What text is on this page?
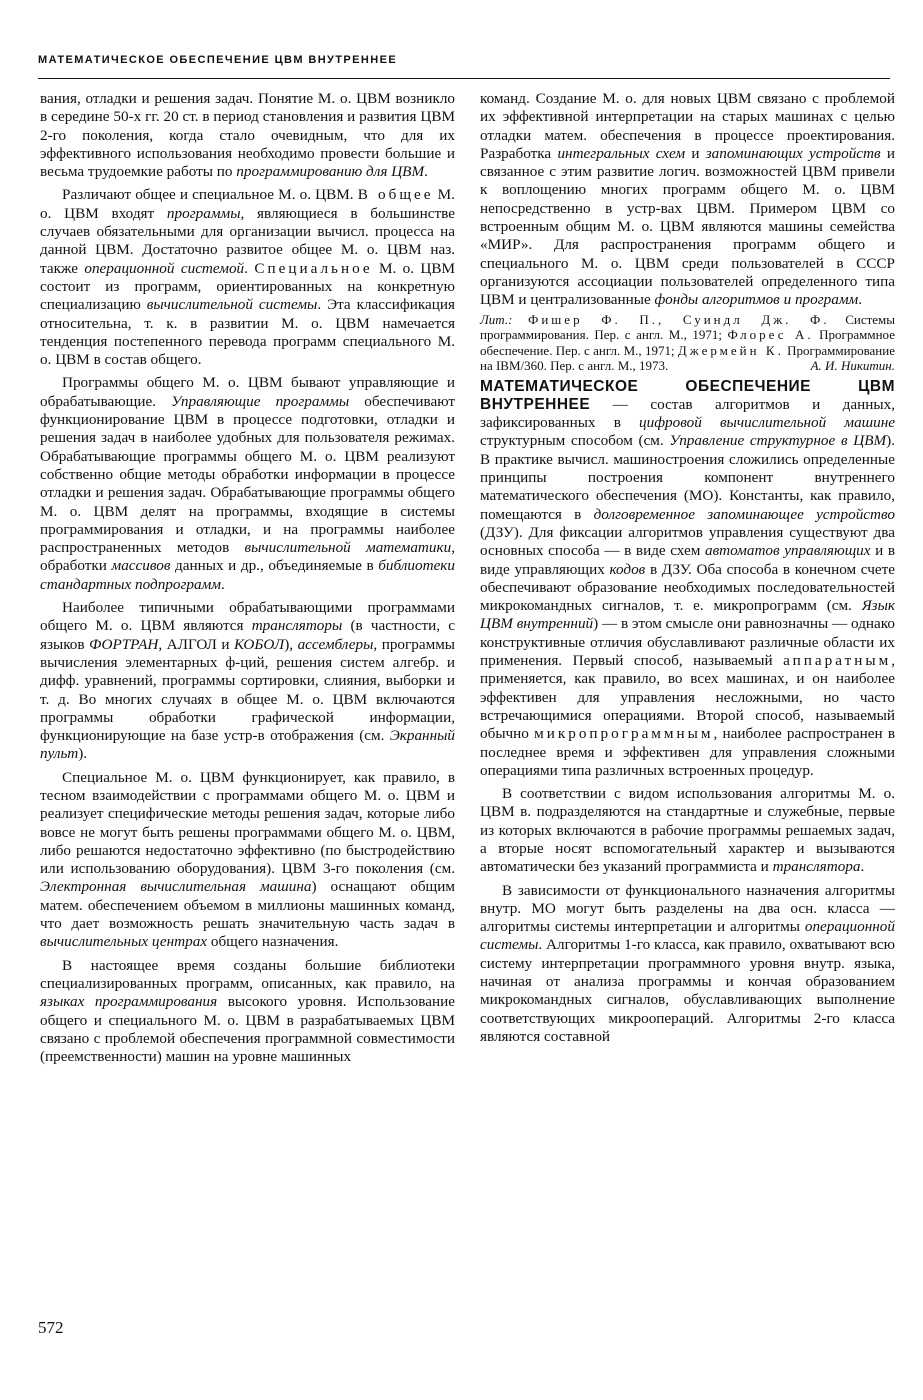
МАТЕМАТИЧЕСКОЕ ОБЕСПЕЧЕНИЕ ЦВМ ВНУТРЕННЕЕ

вания, отладки и решения задач. Понятие М. о. ЦВМ возникло в середине 50-х гг. 20 ст. в период становления и развития ЦВМ 2-го поколения, когда стало очевидным, что для их эффективного использования необходимо провести большие и весьма трудоемкие работы по программированию для ЦВМ.

Различают общее и специальное М. о. ЦВМ. В общее М. о. ЦВМ входят программы, являющиеся в большинстве случаев обязательными для организации вычисл. процесса на данной ЦВМ. Достаточно развитое общее М. о. ЦВМ наз. также операционной системой. Специальное М. о. ЦВМ состоит из программ, ориентированных на конкретную специализацию вычислительной системы. Эта классификация относительна, т. к. в развитии М. о. ЦВМ намечается тенденция постепенного перевода программ специального М. о. ЦВМ в состав общего.

Программы общего М. о. ЦВМ бывают управляющие и обрабатывающие. Управляющие программы обеспечивают функционирование ЦВМ в процессе подготовки, отладки и решения задач в наиболее удобных для пользователя режимах. Обрабатывающие программы общего М. о. ЦВМ реализуют собственно общие методы обработки информации в процессе отладки и решения задач. Обрабатывающие программы общего М. о. ЦВМ делят на программы, входящие в системы программирования и отладки, и на программы наиболее распространенных методов вычислительной математики, обработки массивов данных и др., объединяемые в библиотеки стандартных подпрограмм.

Наиболее типичными обрабатывающими программами общего М. о. ЦВМ являются трансляторы (в частности, с языков ФОРТРАН, АЛГОЛ и КОБОЛ), ассемблеры, программы вычисления элементарных ф-ций, решения систем алгебр. и дифф. уравнений, программы сортировки, слияния, выборки и т. д. Во многих случаях в общее М. о. ЦВМ включаются программы обработки графической информации, функционирующие на базе устр-в отображения (см. Экранный пульт).

Специальное М. о. ЦВМ функционирует, как правило, в тесном взаимодействии с программами общего М. о. ЦВМ и реализует специфические методы решения задач, которые либо вовсе не могут быть решены программами общего М. о. ЦВМ, либо решаются недостаточно эффективно (по быстродействию или использованию оборудования). ЦВМ 3-го поколения (см. Электронная вычислительная машина) оснащают общим матем. обеспечением объемом в миллионы машинных команд, что дает возможность решать значительную часть задач в вычислительных центрах общего назначения.

В настоящее время созданы большие библиотеки специализированных программ, описанных, как правило, на языках программирования высокого уровня. Использование общего и специального М. о. ЦВМ в разрабатываемых ЦВМ связано с проблемой обеспечения программной совместимости (преемственности) машин на уровне машинных

команд. Создание М. о. для новых ЦВМ связано с проблемой их эффективной интерпретации на старых машинах с целью отладки матем. обеспечения в процессе проектирования. Разработка интегральных схем и запоминающих устройств и связанное с этим развитие логич. возможностей ЦВМ привели к воплощению многих программ общего М. о. ЦВМ непосредственно в устр-вах ЦВМ. Примером ЦВМ со встроенным общим М. о. ЦВМ являются машины семейства «МИР». Для распространения программ общего и специального М. о. ЦВМ среди пользователей в СССР организуются ассоциации пользователей определенного типа ЦВМ и централизованные фонды алгоритмов и программ.

Лит.: Фишер Ф. П., Суиндл Дж. Ф. Системы программирования. Пер. с англ. М., 1971; Флорес А. Программное обеспечение. Пер. с англ. М., 1971; Джермейн К. Программирование на IBM/360. Пер. с англ. М., 1973.	А. И. Никитин.

МАТЕМАТИЧЕСКОЕ ОБЕСПЕЧЕНИЕ ЦВМ ВНУТРЕННЕЕ — состав алгоритмов и данных, зафиксированных в цифровой вычислительной машине структурным способом (см. Управление структурное в ЦВМ). В практике вычисл. машиностроения сложились определенные принципы построения компонент внутреннего математического обеспечения (МО). Константы, как правило, помещаются в долговременное запоминающее устройство (ДЗУ). Для фиксации алгоритмов управления существуют два основных способа — в виде схем автоматов управляющих и в виде управляющих кодов в ДЗУ. Оба способа в конечном счете обеспечивают образование необходимых последовательностей микрокомандных сигналов, т. е. микропрограмм (см. Язык ЦВМ внутренний) — в этом смысле они равнозначны — однако конструктивные отличия обуславливают различные области их применения. Первый способ, называемый аппаратным, применяется, как правило, во всех машинах, и он наиболее эффективен для управления несложными, но часто встречающимися операциями. Второй способ, называемый обычно микропрограммным, наиболее распространен в последнее время и эффективен для управления сложными операциями типа различных встроенных процедур.

В соответствии с видом использования алгоритмы М. о. ЦВМ в. подразделяются на стандартные и служебные, первые из которых включаются в рабочие программы решаемых задач, а вторые носят вспомогательный характер и вызываются автоматически без указаний программиста и транслятора.

В зависимости от функционального назначения алгоритмы внутр. МО могут быть разделены на два осн. класса — алгоритмы системы интерпретации и алгоритмы операционной системы. Алгоритмы 1-го класса, как правило, охватывают всю систему интерпретации программного уровня внутр. языка, начиная от анализа программы и кончая образованием микрокомандных сигналов, обуславливающих выполнение соответствующих микроопераций. Алгоритмы 2-го класса являются составной

572
